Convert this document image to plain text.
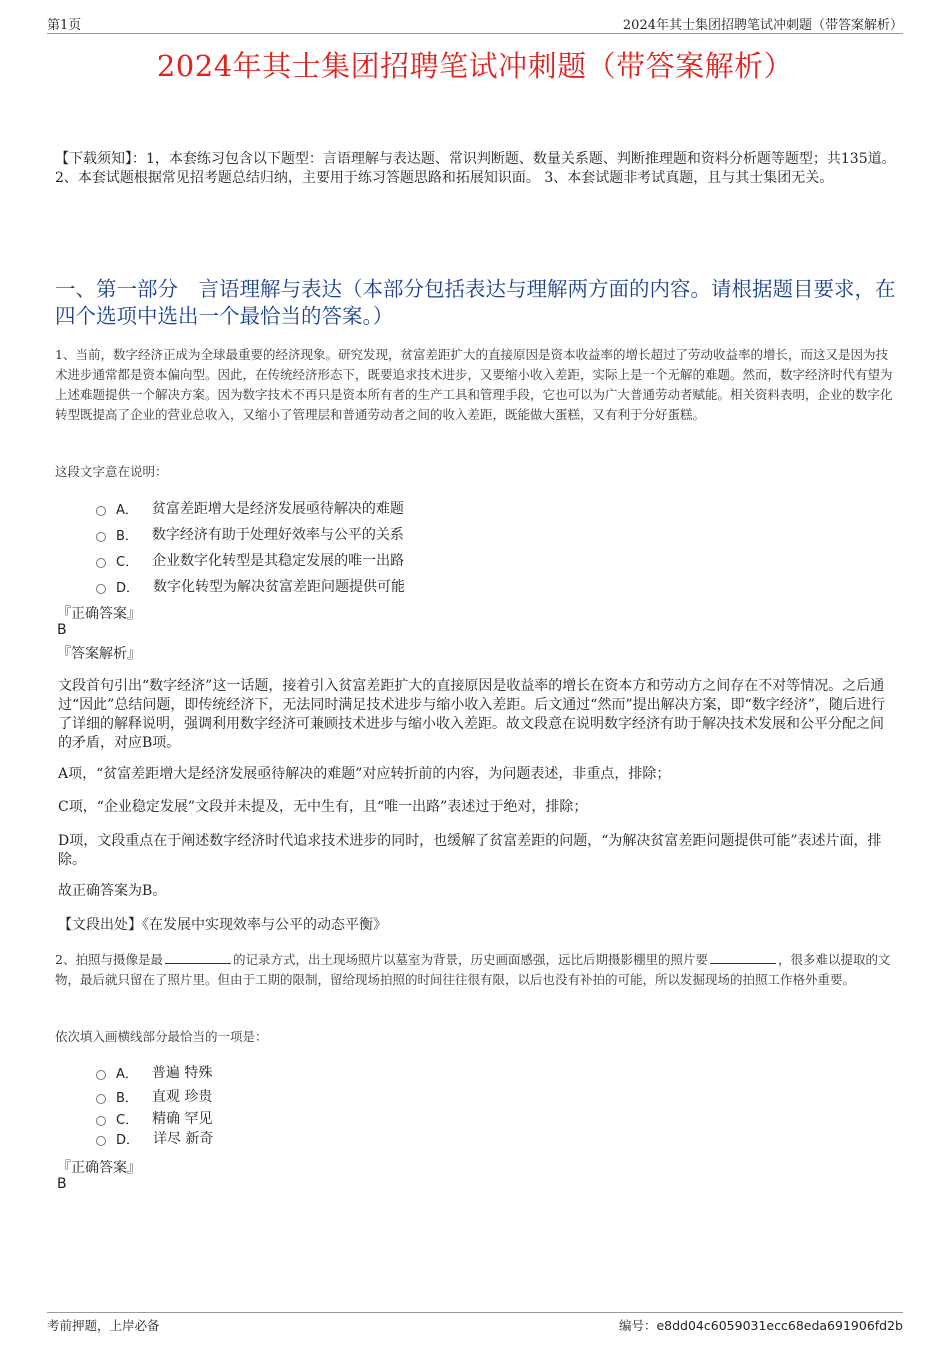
第1页	2024年其士集团招聘笔试冲刺题（带答案解析）
2024年其士集团招聘笔试冲刺题（带答案解析）
【下载须知】：1，本套练习包含以下题型：言语理解与表达题、常识判断题、数量关系题、判断推理题和资料分析题等题型；共135道。 2、本套试题根据常见招考题总结归纳，主要用于练习答题思路和拓展知识面。 3、本套试题非考试真题，且与其士集团无关。
一、第一部分　言语理解与表达（本部分包括表达与理解两方面的内容。请根据题目要求，在四个选项中选出一个最恰当的答案。）
1、当前，数字经济正成为全球最重要的经济现象。研究发现，贫富差距扩大的直接原因是资本收益率的增长超过了劳动收益率的增长，而这又是因为技术进步通常都是资本偏向型。因此，在传统经济形态下，既要追求技术进步，又要缩小收入差距，实际上是一个无解的难题。然而，数字经济时代有望为上述难题提供一个解决方案。因为数字技术不再只是资本所有者的生产工具和管理手段，它也可以为广大普通劳动者赋能。相关资料表明，企业的数字化转型既提高了企业的营业总收入，又缩小了管理层和普通劳动者之间的收入差距，既能做大蛋糕，又有利于分好蛋糕。
这段文字意在说明：
A． 贫富差距增大是经济发展亟待解决的难题
B． 数字经济有助于处理好效率与公平的关系
C． 企业数字化转型是其稳定发展的唯一出路
D． 数字化转型为解决贫富差距问题提供可能
『正确答案』
B
『答案解析』
文段首句引出“数字经济”这一话题，接着引入贫富差距扩大的直接原因是收益率的增长在资本方和劳动方之间存在不对等情况。之后通过“因此”总结问题，即传统经济下，无法同时满足技术进步与缩小收入差距。后文通过“然而”提出解决方案，即“数字经济”，随后进行了详细的解释说明，强调利用数字经济可兼顾技术进步与缩小收入差距。故文段意在说明数字经济有助于解决技术发展和公平分配之间的矛盾，对应B项。
A项，“贫富差距增大是经济发展亟待解决的难题”对应转折前的内容，为问题表述，非重点，排除；
C项，“企业稳定发展”文段并未提及，无中生有，且“唯一出路”表述过于绝对，排除；
D项，文段重点在于阐述数字经济时代追求技术进步的同时，也缓解了贫富差距的问题，“为解决贫富差距问题提供可能”表述片面，排除。
故正确答案为B。
【文段出处】《在发展中实现效率与公平的动态平衡》
2、拍照与摄像是最	的记录方式，出土现场照片以墓室为背景，历史画面感强，远比后期摄影棚里的照片要	，很多难以提取的文物，最后就只留在了照片里。但由于工期的限制，留给现场拍照的时间往往很有限，以后也没有补拍的可能，所以发掘现场的拍照工作格外重要。
依次填入画横线部分最恰当的一项是：
A． 普遍 特殊
B． 直观 珍贵
C． 精确 罕见
D． 详尽 新奇
『正确答案』
B
考前押题，上岸必备	编号：e8dd04c6059031ecc68eda691906fd2b
